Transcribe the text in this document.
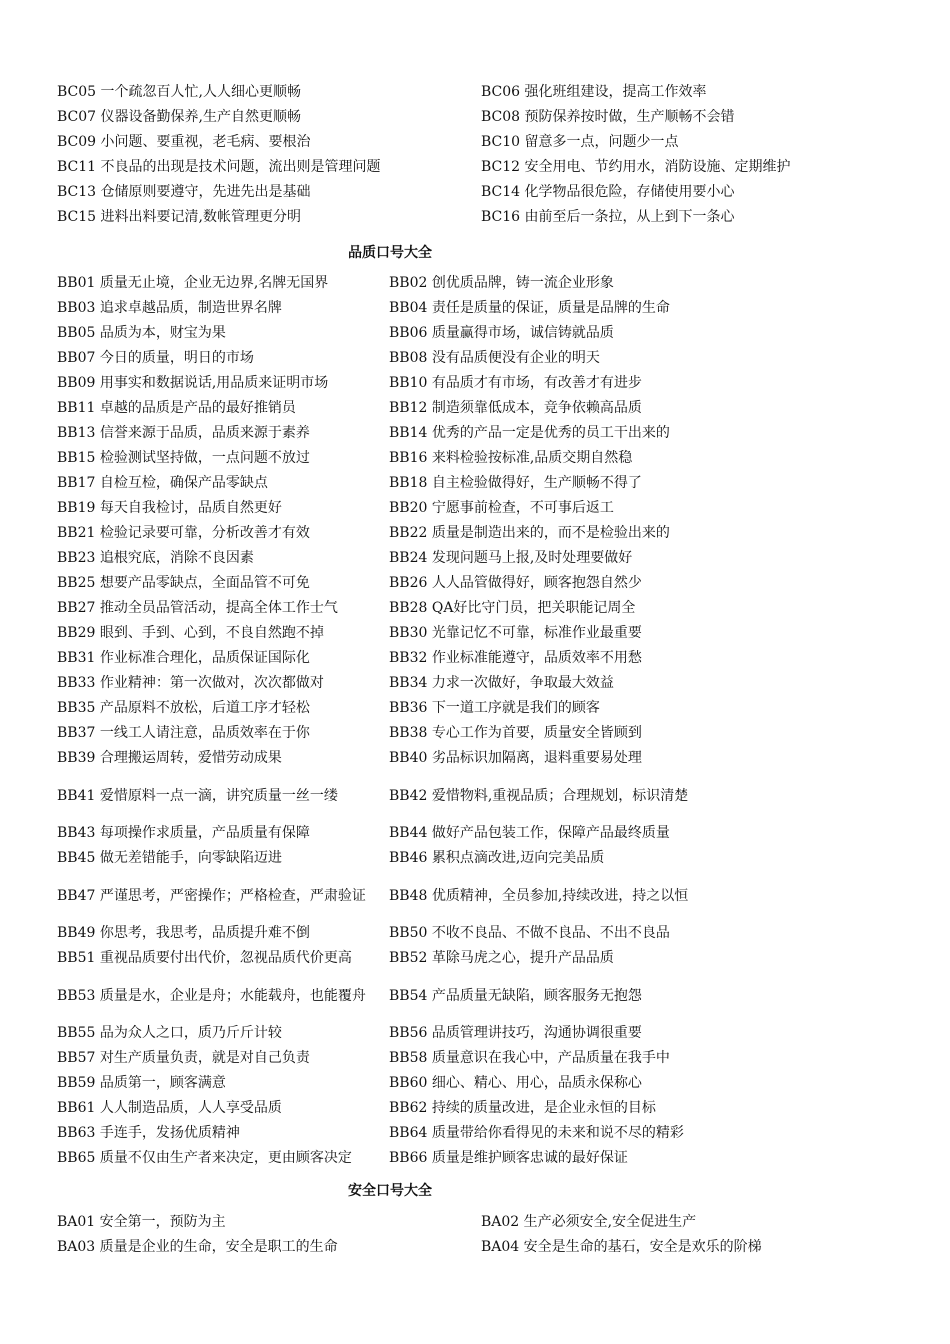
BC05 一个疏忽百人忙,人人细心更顺畅	BC06 强化班组建设，提高工作效率
BC07 仪器设备勤保养,生产自然更顺畅	BC08 预防保养按时做，生产顺畅不会错
BC09 小问题、要重视，老毛病、要根治	BC10 留意多一点，问题少一点
BC11 不良品的出现是技术问题，流出则是管理问题	BC12 安全用电、节约用水，消防设施、定期维护
BC13 仓储原则要遵守，先进先出是基础	BC14 化学物品很危险，存储使用要小心
BC15 进料出料要记清,数帐管理更分明	BC16 由前至后一条拉，从上到下一条心
品质口号大全
BB01 质量无止境，企业无边界,名牌无国界	BB02 创优质品牌，铸一流企业形象
BB03 追求卓越品质，制造世界名牌	BB04 责任是质量的保证，质量是品牌的生命
BB05 品质为本，财宝为果	BB06 质量赢得市场，诚信铸就品质
BB07 今日的质量，明日的市场	BB08 没有品质便没有企业的明天
BB09 用事实和数据说话,用品质来证明市场	BB10 有品质才有市场，有改善才有进步
BB11 卓越的品质是产品的最好推销员	BB12 制造须靠低成本，竞争依赖高品质
BB13 信誉来源于品质，品质来源于素养	BB14 优秀的产品一定是优秀的员工干出来的
BB15 检验测试坚持做，一点问题不放过	BB16 来料检验按标准,品质交期自然稳
BB17 自检互检，确保产品零缺点	BB18 自主检验做得好，生产顺畅不得了
BB19 每天自我检讨，品质自然更好	BB20 宁愿事前检查，不可事后返工
BB21 检验记录要可靠，分析改善才有效	BB22 质量是制造出来的，而不是检验出来的
BB23 追根究底，消除不良因素	BB24 发现问题马上报,及时处理要做好
BB25 想要产品零缺点，全面品管不可免	BB26 人人品管做得好，顾客抱怨自然少
BB27 推动全员品管活动，提高全体工作士气	BB28 QA好比守门员，把关职能记周全
BB29 眼到、手到、心到，不良自然跑不掉	BB30 光靠记忆不可靠，标准作业最重要
BB31 作业标准合理化，品质保证国际化	BB32 作业标准能遵守，品质效率不用愁
BB33 作业精神：第一次做对，次次都做对	BB34 力求一次做好，争取最大效益
BB35 产品原料不放松，后道工序才轻松	BB36 下一道工序就是我们的顾客
BB37 一线工人请注意，品质效率在于你	BB38 专心工作为首要，质量安全皆顾到
BB39 合理搬运周转，爱惜劳动成果	BB40 劣品标识加隔离，退料重要易处理
BB41 爱惜原料一点一滴，讲究质量一丝一缕	BB42 爱惜物料,重视品质；合理规划，标识清楚
BB43 每项操作求质量，产品质量有保障	BB44 做好产品包装工作，保障产品最终质量
BB45 做无差错能手，向零缺陷迈进	BB46 累积点滴改进,迈向完美品质
BB47 严谨思考，严密操作；严格检查，严肃验证	BB48 优质精神，全员参加,持续改进，持之以恒
BB49 你思考，我思考，品质提升难不倒	BB50 不收不良品、不做不良品、不出不良品
BB51 重视品质要付出代价，忽视品质代价更高	BB52 革除马虎之心，提升产品品质
BB53 质量是水，企业是舟；水能载舟，也能覆舟	BB54 产品质量无缺陷，顾客服务无抱怨
BB55 品为众人之口，质乃斤斤计较	BB56 品质管理讲技巧，沟通协调很重要
BB57 对生产质量负责，就是对自己负责	BB58 质量意识在我心中，产品质量在我手中
BB59 品质第一，顾客满意	BB60 细心、精心、用心，品质永保称心
BB61 人人制造品质，人人享受品质	BB62 持续的质量改进，是企业永恒的目标
BB63 手连手，发扬优质精神	BB64 质量带给你看得见的未来和说不尽的精彩
BB65 质量不仅由生产者来决定，更由顾客决定	BB66 质量是维护顾客忠诚的最好保证
安全口号大全
BA01 安全第一，预防为主	BA02 生产必须安全,安全促进生产
BA03 质量是企业的生命，安全是职工的生命	BA04 安全是生命的基石，安全是欢乐的阶梯
